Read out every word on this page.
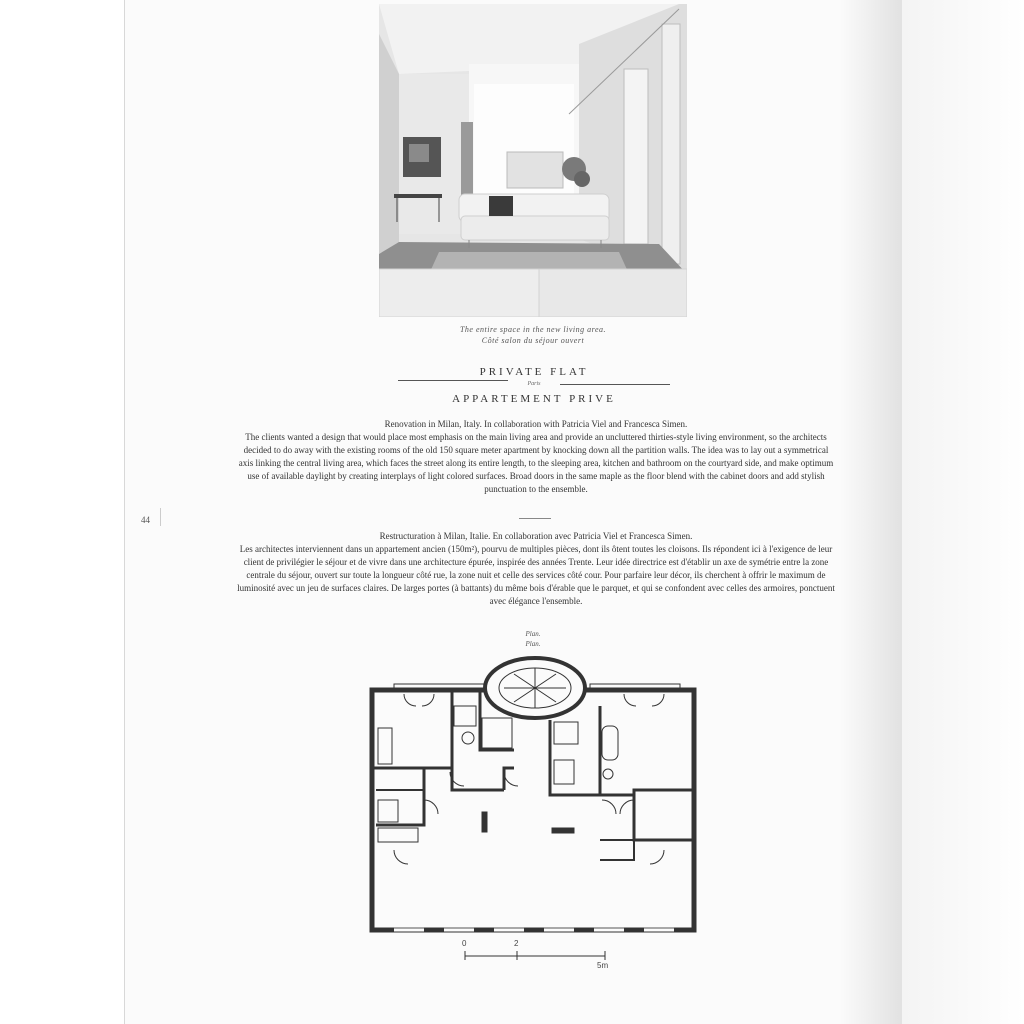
44
The entire space in the new living area.
Côté salon du séjour ouvert
PRIVATE FLAT
Paris
APPARTEMENT PRIVE

Renovation in Milan, Italy. In collaboration with Patricia Viel and Francesca Simen.
The clients wanted a design that would place most emphasis on the main living area and provide an uncluttered thirties-style living environment, so the architects decided to do away with the existing rooms of the old 150 square meter apartment by knocking down all the partition walls. The idea was to lay out a symmetrical axis linking the central living area, which faces the street along its entire length, to the sleeping area, kitchen and bathroom on the courtyard side, and make optimum use of available daylight by creating interplays of light colored surfaces. Broad doors in the same maple as the floor blend with the cabinet doors and add stylish punctuation to the ensemble.

Restructuration à Milan, Italie. En collaboration avec Patricia Viel et Francesca Simen.
Les architectes interviennent dans un appartement ancien (150m²), pourvu de multiples pièces, dont ils ôtent toutes les cloisons. Ils répondent ici à l'exigence de leur client de privilégier le séjour et de vivre dans une architecture épurée, inspirée des années Trente. Leur idée directrice est d'établir un axe de symétrie entre la zone centrale du séjour, ouvert sur toute la longueur côté rue, la zone nuit et celle des services côté cour. Pour parfaire leur décor, ils cherchent à offrir le maximum de luminosité avec un jeu de surfaces claires. De larges portes (à battants) du même bois d'érable que le parquet, et qui se confondent avec celles des armoires, ponctuent avec élégance l'ensemble.

Plan.
Plan.
0	2
5m
